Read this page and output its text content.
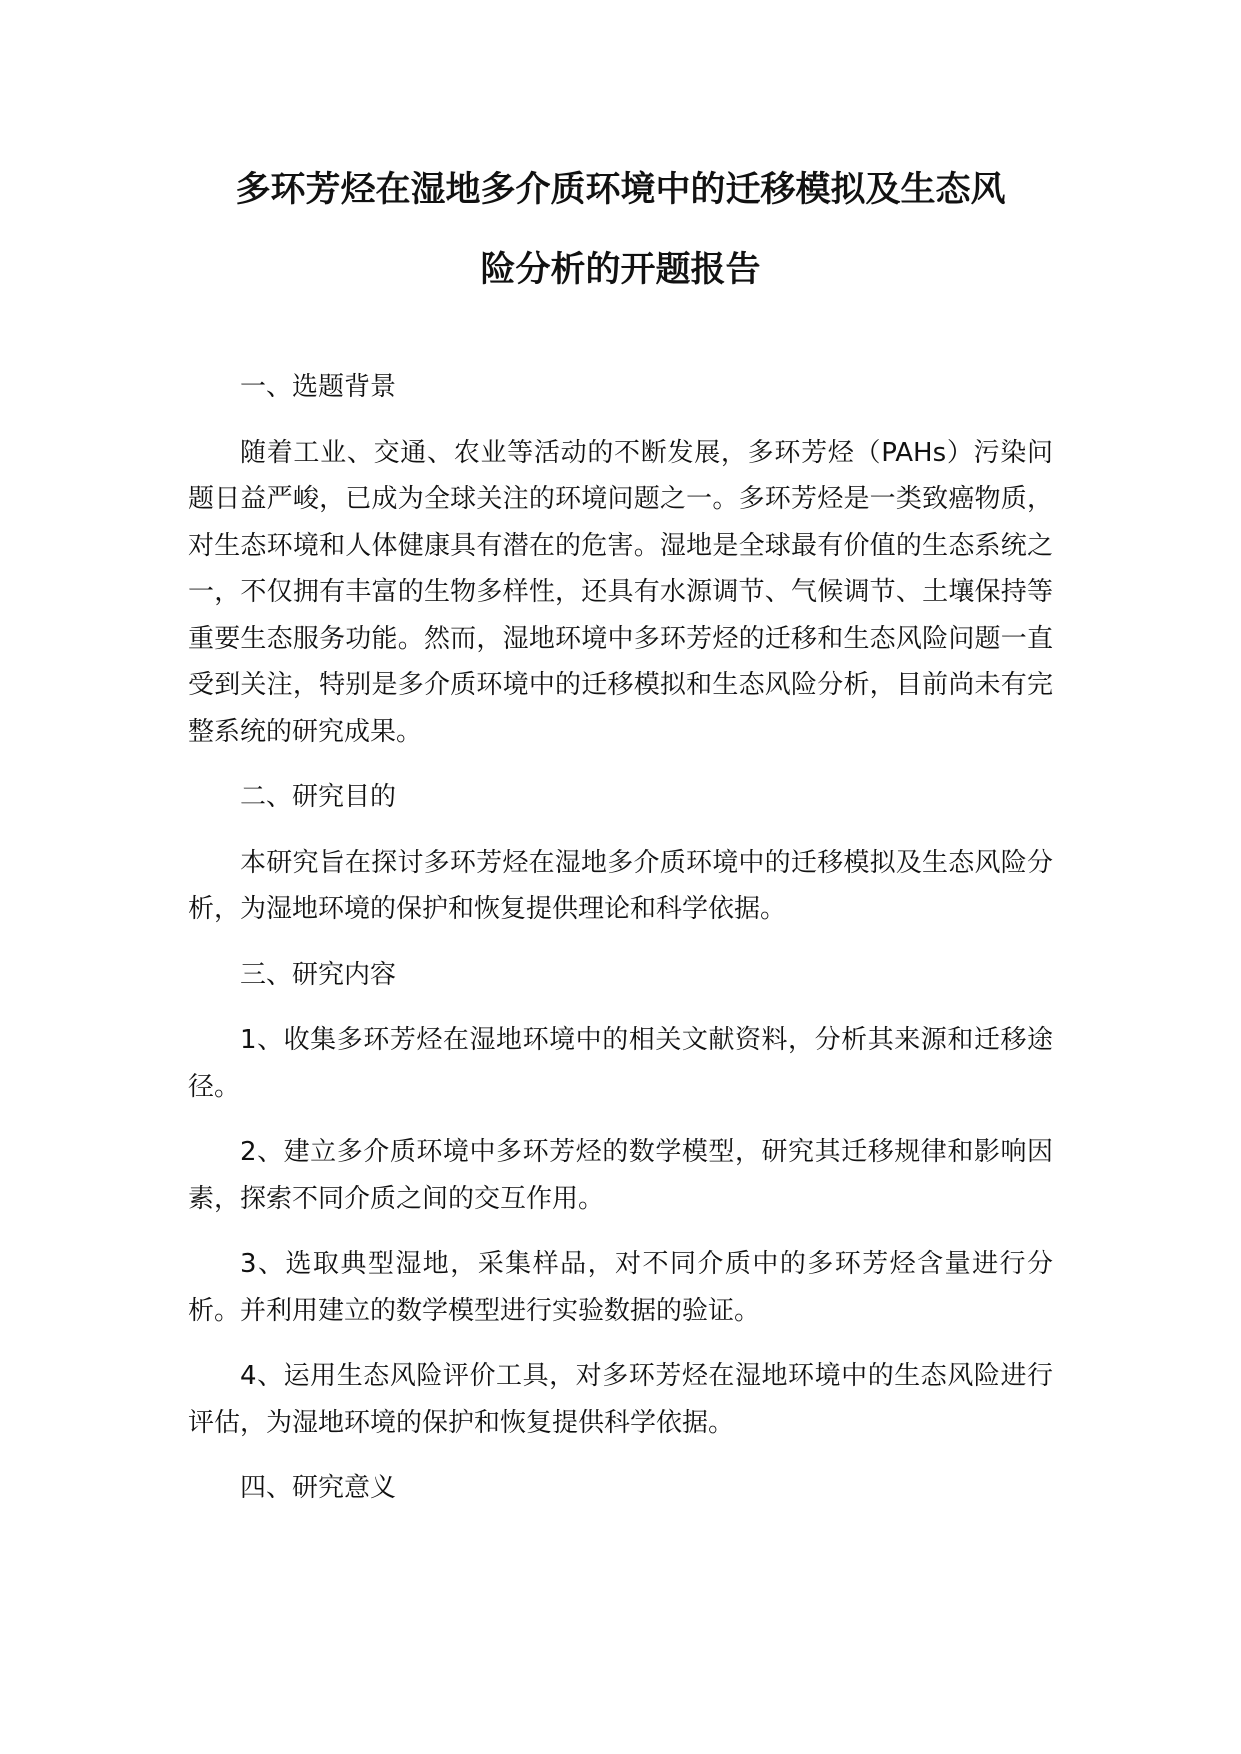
多环芳烃在湿地多介质环境中的迁移模拟及生态风
险分析的开题报告

一、选题背景

随着工业、交通、农业等活动的不断发展，多环芳烃（PAHs）污染问题日益严峻，已成为全球关注的环境问题之一。多环芳烃是一类致癌物质，对生态环境和人体健康具有潜在的危害。湿地是全球最有价值的生态系统之一，不仅拥有丰富的生物多样性，还具有水源调节、气候调节、土壤保持等重要生态服务功能。然而，湿地环境中多环芳烃的迁移和生态风险问题一直受到关注，特别是多介质环境中的迁移模拟和生态风险分析，目前尚未有完整系统的研究成果。

二、研究目的

本研究旨在探讨多环芳烃在湿地多介质环境中的迁移模拟及生态风险分析，为湿地环境的保护和恢复提供理论和科学依据。

三、研究内容

1、收集多环芳烃在湿地环境中的相关文献资料，分析其来源和迁移途径。

2、建立多介质环境中多环芳烃的数学模型，研究其迁移规律和影响因素，探索不同介质之间的交互作用。

3、选取典型湿地，采集样品，对不同介质中的多环芳烃含量进行分析。并利用建立的数学模型进行实验数据的验证。

4、运用生态风险评价工具，对多环芳烃在湿地环境中的生态风险进行评估，为湿地环境的保护和恢复提供科学依据。

四、研究意义
